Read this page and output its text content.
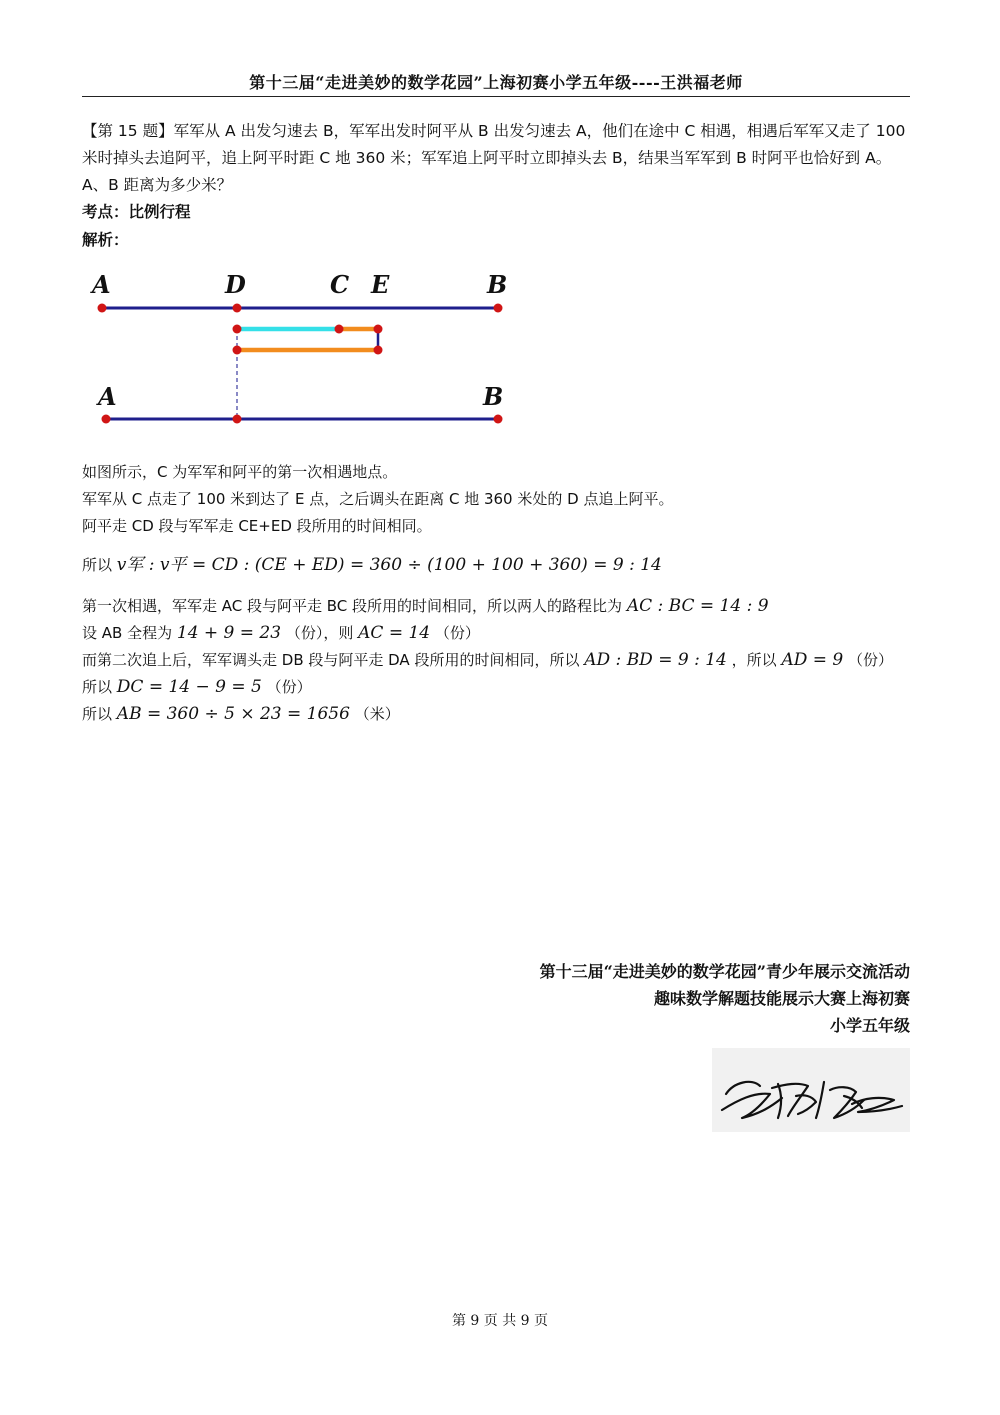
第十三届“走进美妙的数学花园”上海初赛小学五年级----王洪福老师
【第 15 题】军军从 A 出发匀速去 B，军军出发时阿平从 B 出发匀速去 A，他们在途中 C 相遇，相遇后军军又走了 100 米时掉头去追阿平，追上阿平时距 C 地 360 米；军军追上阿平时立即掉头去 B，结果当军军到 B 时阿平也恰好到 A。A、B 距离为多少米？
考点：比例行程
解析：
A	D	C E	B
A	B
如图所示，C 为军军和阿平的第一次相遇地点。
军军从 C 点走了 100 米到达了 E 点，之后调头在距离 C 地 360 米处的 D 点追上阿平。
阿平走 CD 段与军军走 CE+ED 段所用的时间相同。
所以 v军 : v平 = CD : (CE + ED) = 360 ÷ (100 + 100 + 360) = 9 : 14
第一次相遇，军军走 AC 段与阿平走 BC 段所用的时间相同，所以两人的路程比为 AC : BC = 14 : 9
设 AB 全程为 14 + 9 = 23 （份），则 AC = 14 （份）
而第二次追上后，军军调头走 DB 段与阿平走 DA 段所用的时间相同，所以 AD : BD = 9 : 14 ，所以 AD = 9 （份）
所以 DC = 14 − 9 = 5 （份）
所以 AB = 360 ÷ 5 × 23 = 1656 （米）
第十三届“走进美妙的数学花园”青少年展示交流活动
趣味数学解题技能展示大赛上海初赛
小学五年级
第 9 页 共 9 页
